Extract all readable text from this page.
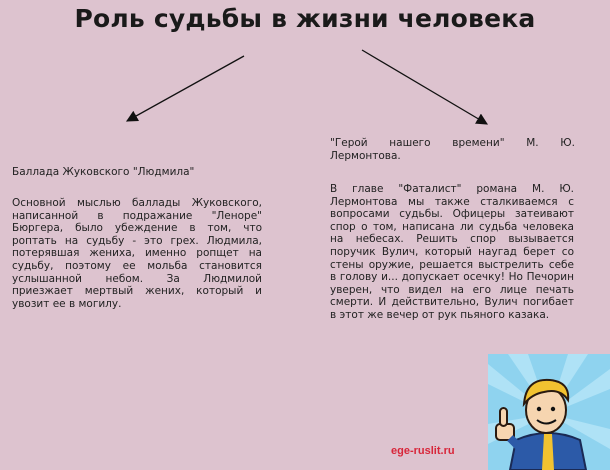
Роль судьбы в жизни человека
Баллада Жуковского "Людмила"
Основной мыслью баллады Жуковского, написанной в подражание "Леноре" Бюргера, было убеждение в том, что роптать на судьбу - это грех. Людмила, потерявшая жениха, именно ропщет на судьбу, поэтому ее мольба становится услышанной небом. За Людмилой приезжает мертвый жених, который и увозит ее в могилу.
"Герой нашего времени" М. Ю. Лермонтова.
В главе "Фаталист" романа М. Ю. Лермонтова мы также сталкиваемся с вопросами судьбы. Офицеры затеивают спор о том, написана ли судьба человека на небесах. Решить спор вызывается поручик Вулич, который наугад берет со стены оружие, решается выстрелить себе в голову и... допускает осечку! Но Печорин уверен, что видел на его лице печать смерти. И действительно, Вулич погибает в этот же вечер от рук пьяного казака.
ege-ruslit.ru
